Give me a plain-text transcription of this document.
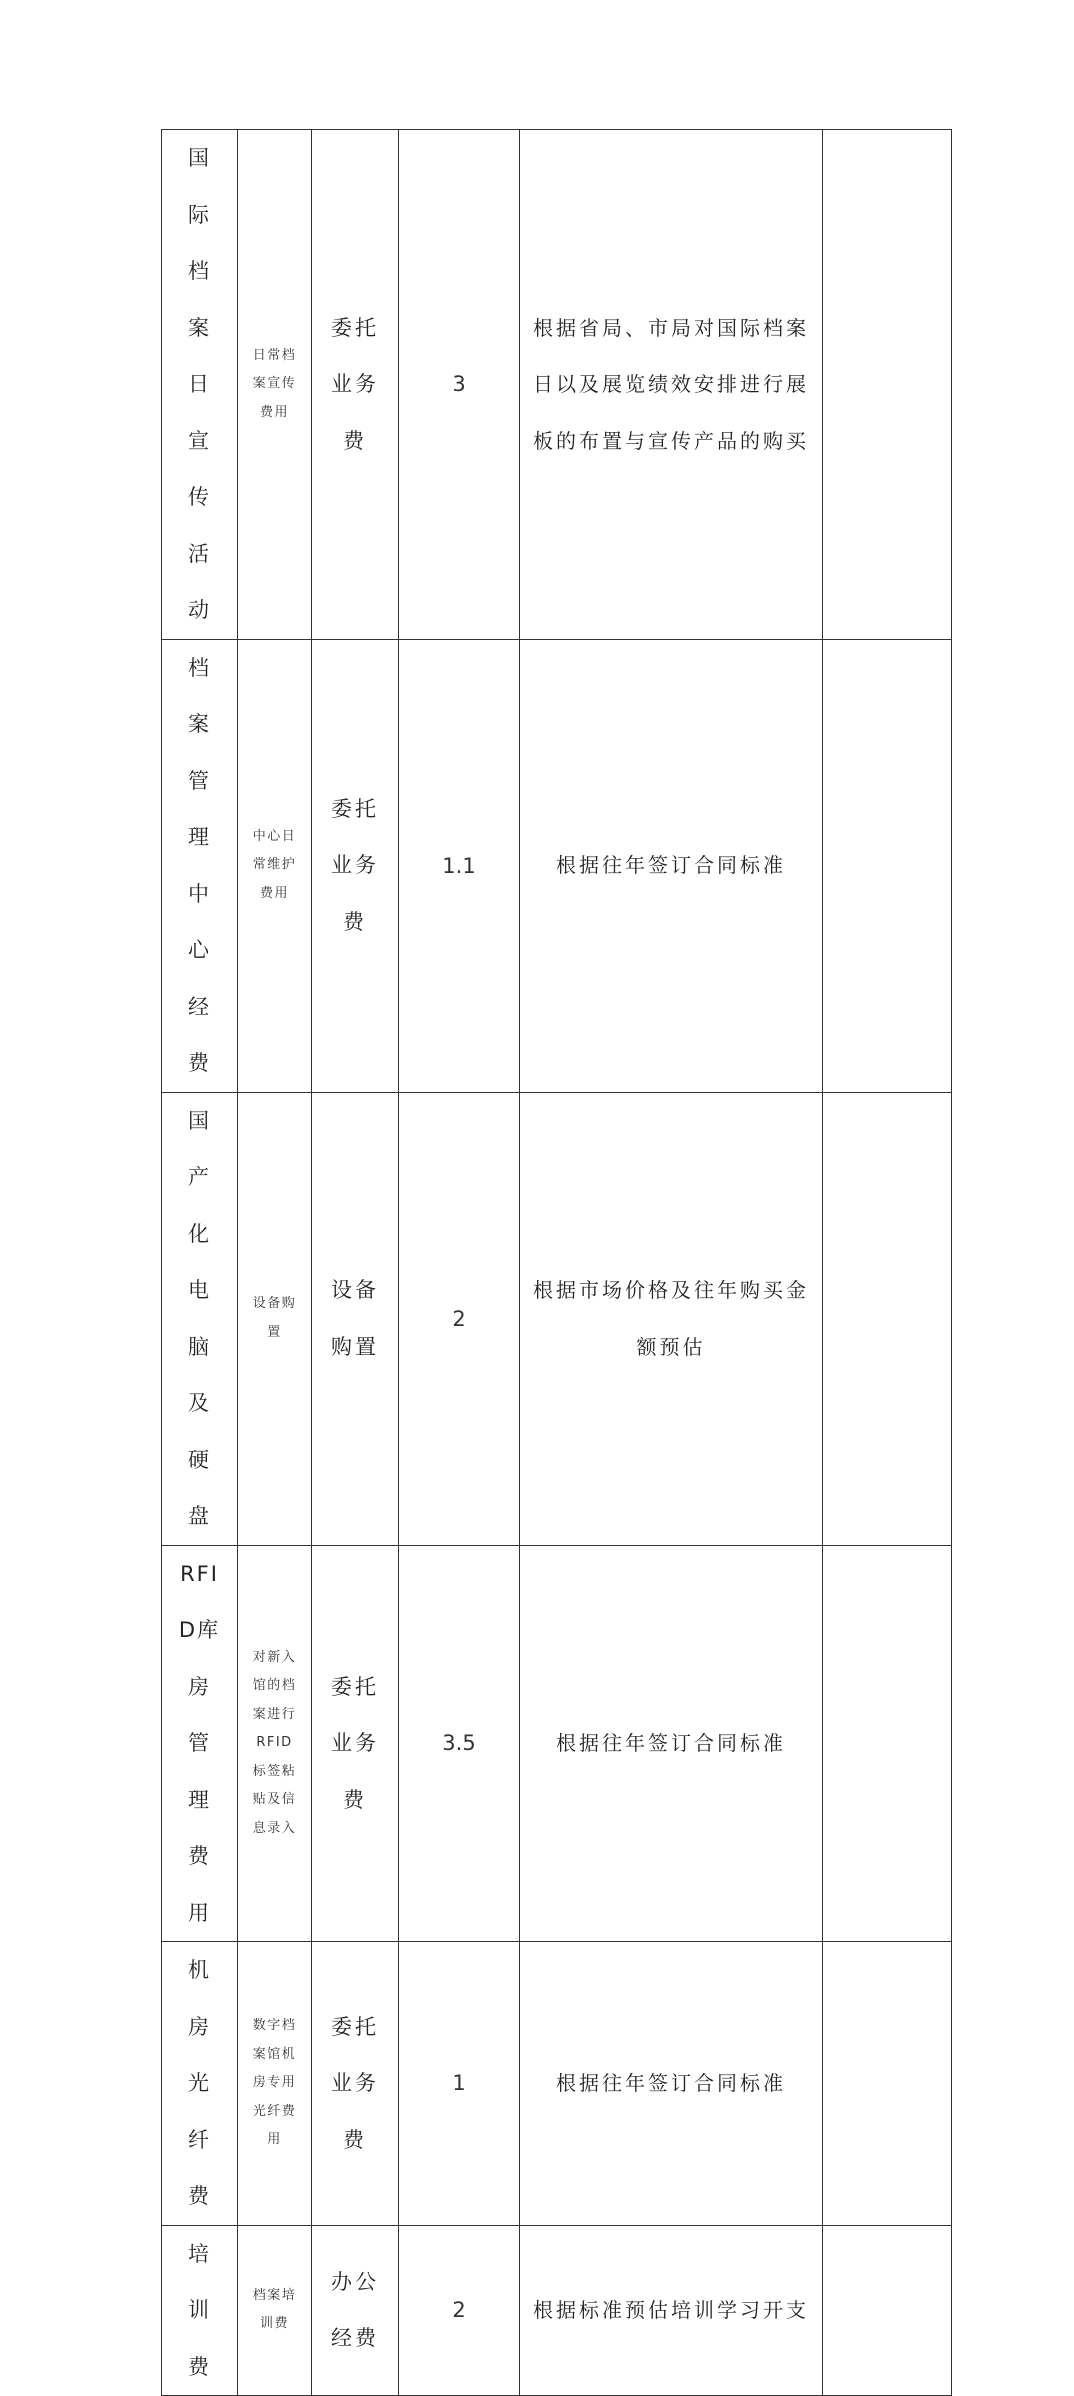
国际档案日宣传活动	日常档案宣传费用	委托业务费	3	根据省局、市局对国际档案日以及展览绩效安排进行展板的布置与宣传产品的购买	

档案管理中心经费	中心日常维护费用	委托业务费	1.1	根据往年签订合同标准	

国产化电脑及硬盘	设备购置	设备购置	2	根据市场价格及往年购买金额预估	

RFID库房管理费用	对新入馆的档案进行RFID标签粘贴及信息录入	委托业务费	3.5	根据往年签订合同标准	

机房光纤费	数字档案馆机房专用光纤费用	委托业务费	1	根据往年签订合同标准	

培训费	档案培训费	办公经费	2	根据标准预估培训学习开支	
